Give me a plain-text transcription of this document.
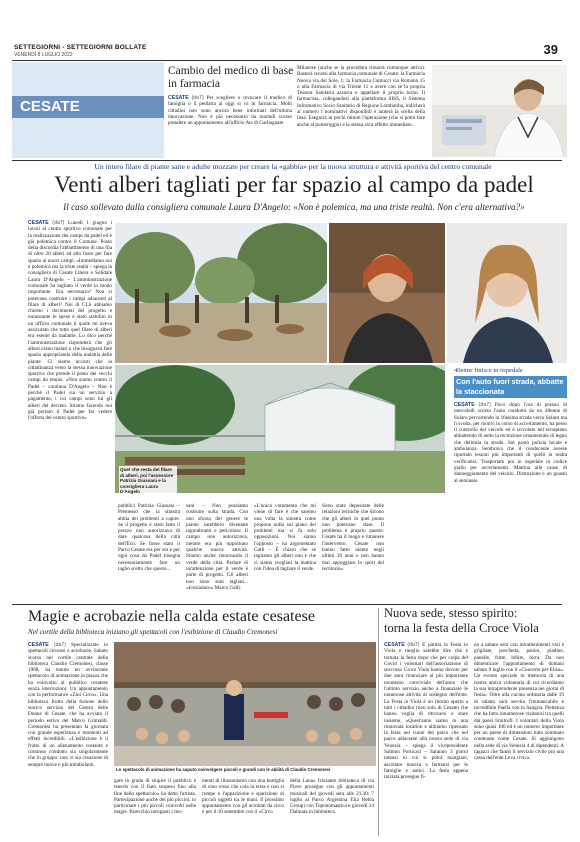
SETTEGIORNI - SETTEGIORNI BOLLATE
VENERDÌ 8 LUGLIO 2022	39
CESATE
Cambio del medico di base in farmacia
CESATE (da7) Per scegliere o revocare il medico di famiglia o il pediatra ai oggi si va in farmacia. Molti cittadini non sono ancora bene informati dell'ultima innovazione. Non è più necessario da martedì scorso prendere un appuntamento all'ufficio Ats di Garbagnate
Milanese (anche se la procedura rimarrà comunque attiva). Basterà recarsi alla farmacia comunale di Cesate: la Farmacia Nuova via del Sole, 1; la Farmacia Cantucci via Romanò 15 o alla Farmacia di via Trieste 11 e avere con sé la propria Tessera Sanitaria azzurra e appellare il proprio turno. Il farmacista, collegandosi alla piattaforma SISS, il Sistema Informativo Socio Sanitario di Regione Lombardia, indicherà al numero i nominativi disponibili e aiuterà la scelta della lista. Eseguirà in pochi minuti l'operazione (che si potrà fare anche al pomeriggio) e la stessa avrà effetto immediato.
Un intero filare di piante sane e adulte mozzate per creare la «gabbia» per la nuova struttura e attività sportiva del centro comunale
Venti alberi tagliati per far spazio al campo da padel
Il caso sollevato dalla consigliera comunale Laura D'Angelo: «Non è polemica, ma una triste realtà. Non c'era alternativa?»
CESATE (da7) Lunedì 1 giugno i lavori al centro sportivo comunale per la realizzazione dei campi da padel ed è già polemica contro il Comune. Posto della discordia l'abbattimento di una fila di oltre 20 alberi ad alto fusto per fare spazio ai nuovi campi. «Immediamo noi è polemica ma la triste realtà – spiega la consigliera di Cesate Libera e Solidale Laura D'Angelo – L'amministrazione comunale ha tagliato il verde in modo importante. Era necessario? Non si potevano costruire i campi adiacenti al filare di alberi? Noi di CLS abbiamo chiesto i documenti del progetto e nonostante le spese è stato stabilito in un ufficio comunale il quale mi aveva assicurato che tutto quel filare di alberi era esente da malattie. Lo dico perché l'amministrazione risponderà che gli alberi erano malati o che bisognava fare spazio appropriando della malattia delle piante. Ci siamo accorti che la cittadinanza verso la stessa innovazione sportiva che prende il posto dei vecchi campi da tennis. «Non siamo contro il Padel – continua D'Angelo – Non è perché il Padel sia un servizio a pagamento, i cui campi sono lui gli alberi del decreto. Stiamo facendo noi già portato il Padel per far vedere l'offerta del centro sportivo»
Quel che resta del filare di alberi, poi l'assessore Patrizia Giussani e la consigliera Laura D'Angelo
pubblici Patrizia Giussani – Premesso che la sinistra abbia dei problemi a capire. Se il progetto è stato fatto il prezzo non autorizzava di dare qualcosa della città dell'Eco. Se fosse stato il Parco Cesate era per ora e per ogni cosa da Padel bisogna necessariamente fare un taglio scelto che questo...
sani – Non possiamo costruire sulla strada. Con uno sforzo del genere le piante sarebbero diventate ingombranti e pericolose. Il campo non autorizzava, mentre era più opportuno qualche nuova attività. Stiamo anche rinnovando il verde della città. Parlare di un'attenzione per il verde è parte di progetto. Gli alberi non sono stati tagliati... «Icosiadaco» Marco Galli.
«L'unico commento che mi viene di fare è che saremo una volta la sinistra come propone nulla sul piano dei problemi ma si fa solo opposizioni. Noi siamo l'opposto – ha argomentato Galli – È chiaro che se tagliamo gli alberi non è che ci siamo svegliati la mattina con l'idea di tagliare il verde.
Sono state depositate delle relazioni tecniche che dicono che gli alberi in quel punto non potevano stare. Il problema è proprio questo: Cesate ha il luogo e rimanere l'intervento. Cesate non hanno fatto niente negli ultimi 20 anni e non hanno mai appoggiato lo sport del territorio».
40enne finisce in ospedale
Con l'auto fuori strada, abbatte la staccionata
CESATE (da7) Poco dopo l'ora di pranzo di mercoledì scorso l'auto condotta da un 40enne di Solaro percorrendo la 16esima strada verso Solaro ma lì svolta, per motivi in corso di accertamento, ha perso il controllo del veicolo ed è scivolato nel terrapieno abbattendo di netto la recinzione ornamentale di legno che delimita la strada. Sul posto polizia locale e ambulanza. Sembrava che il conducente avesse riportato lesioni più importanti di quelli in realtà verificatisi. Trasportato poi in ospedale in codice giallo per accertamenti. Mattina alle cause di danneggiamento del veicolo. Distruzione e un guasto al semiasse.
Magie e acrobazie nella calda estate cesatese
Nel cortile della biblioteca iniziano gli spettacoli con l'esibizione di Claudio Cremonesi
CESATE (da7) Specializzato in spettacoli circensi e acrobazie. Sabato scorso nel cortile centrale della biblioteca Claudio Cremonesi, classe 1968, ha tenuto un avvincente spettacolo di animazione in piazza che ha coinvolto al pubblico cesatese senza interruzioni. Un appuntamento con la performance «Zini Circo». Una biblioteca frutto della fusione dello storico servizio del Centro delle Donne di Cesate, che ha avviato il periodo estivo del Marco Grimaldi. Cremonesi ha presentato la giornata con grande esperienza e momenti ad effetti incredibili. «L'esibizione è il frutto di un allenamento costante e continuo condotto sia singolarmente che in gruppo: non vi sia creazione di sempre nuove e più mirabolanti
Lo spettacolo di animazione ha saputo coinvolgere piccoli e grandi con le abilità di Claudio Cremonesi
gare in grado di stupire il pubblico e tenerlo con il fiato sospeso fino alla fine dello spettacolo» ha detto l'artista. Partecipazione anche dei più piccini, in particolare i più piccoli coinvolti nelle magie. Parecchio intriganti i mo-
menti di illusionismo con una bottiglia di vino rosso che cola in testa e non si rompe e l'apparizione e sparizione di piccoli oggetti tra le mani. Il prossimo appuntamento con gli acrobati da circo è per il 10 settembre con il «Circo
della Luna» frizzante biblioteca di via Piave prosegue con gli appuntamenti musicali del giovedì sera alle 21.30: 7 luglio al Parco Argentina Elia Rebla Group) con Toponomastica e giovedì 14 Dalmata in biblioteca.
Nuova sede, stesso spirito:
torna la festa della Croce Viola
CESATE (da7) È partita la Festa in Viola e meglio sarebbe dire che è tornata la festa dopo che per colpa del Covid i volontari dell'associazione di soccorso Croce Viola hanno dovuto per due anni rinunciare al più importante momento conviviale dell'anno che l'ultimo servizio anche a finanziare le numerose attività di sostegno dell'ente. La Festa in Viola è un ritorno aperto a tutti i cittadini (non solo di Cesate) che hanno voglia di ritrovarsi e stare insieme. «Quest'anno siamo in una rinnovata location e abbiamo ripensato la festa nel cuore del parco che nel parco adiacente alla nostra sede di via Venezia – spiega il vicepresidente Salmon Porticaci – Saranno 3 giorni intensi in cui si potrà mangiare, ascoltare musica e fermarsi per le famiglie e amici. La festa appena iniziata prosegue fi-
no a sabato sera con intrattenimenti vari e grigliate, porchetta, panini, piadine, panelle, fritte, bibite, birra. Da non dimenticare l'appuntamento di domani sabato 9 luglio con il «Concerto per Elisa». Un evento speciale in memoria di una nostra amica volontaria di cui ricordiamo la sua intraprendente presenza nei giorni di festa». Oltre alla cucina ordinaria dalle 19 di sabato sarà servita l'immancabile e incredibile Paella con la Sangria. Plettenza che ha fatto innumerose visitatori tra quelli dai paesi limitrofi. I volontari della Viola sono quasi 100 ed è un numero importante per un paese di dimensioni tutto sommato contenute come Cesate. Si aggiungono nella sede di via Venezia 4 di dipendenti. A ragazzi che fanno il servizio civile più una cassa dell'ente Leva civica.
